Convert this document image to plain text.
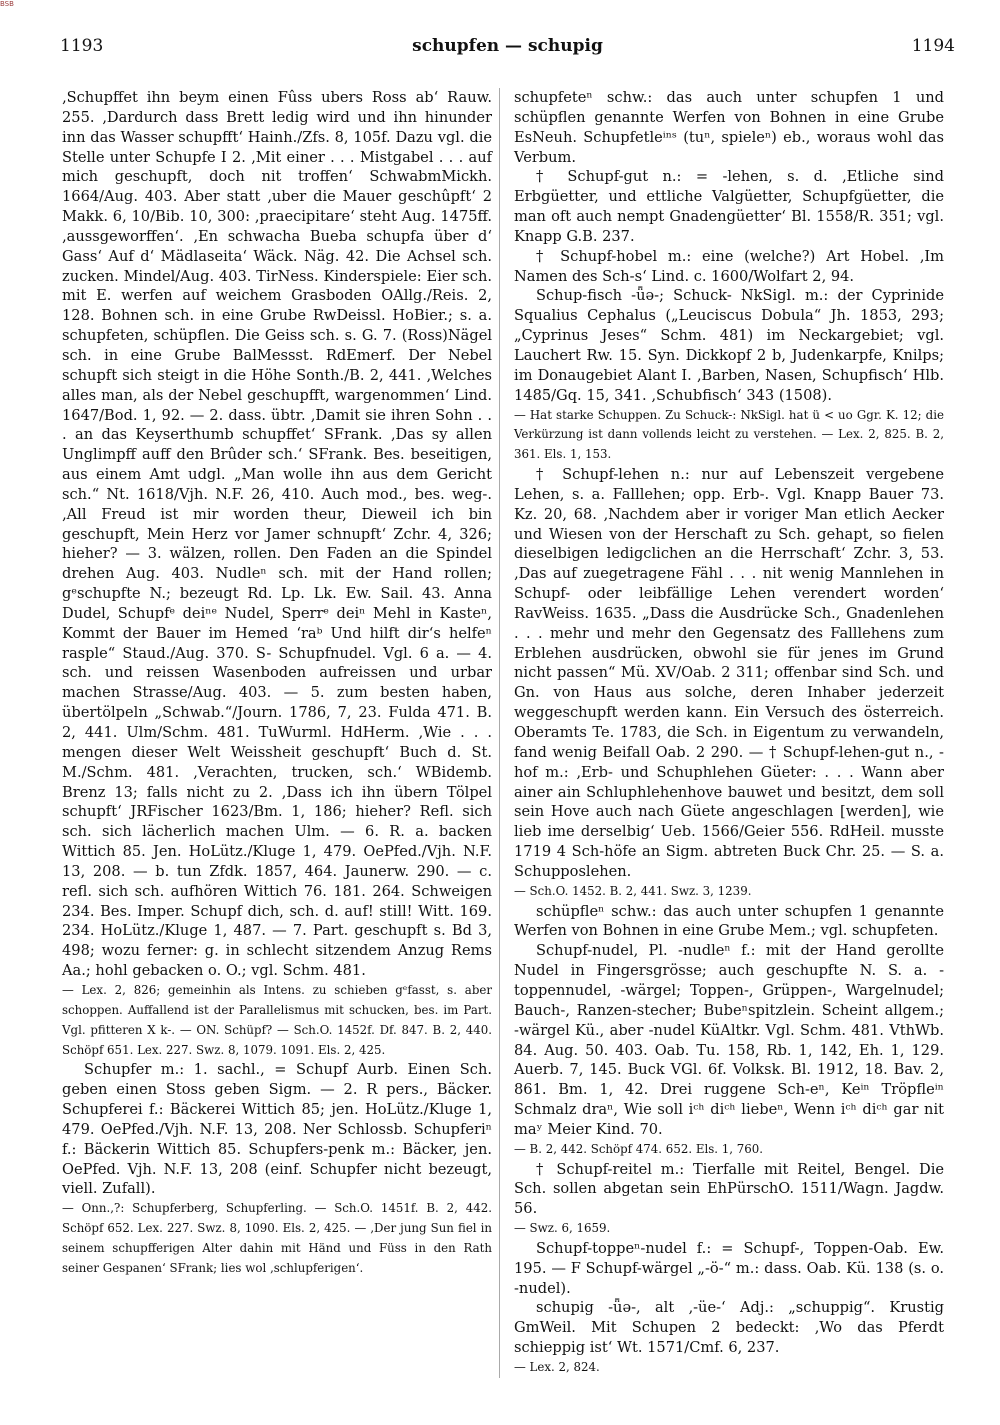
BSB
1193	schupfen — schupig	1194

‚Schupffet ihn beym einen Fûss ubers Ross ab‘ Rauw. 255. ‚Dardurch dass Brett ledig wird und ihn hinunder inn das Wasser schupfft‘ Hainh./Zfs. 8, 105f. Dazu vgl. die Stelle unter Schupfe I 2. ‚Mit einer . . . Mistgabel . . . auf mich geschupft, doch nit troffen‘ SchwabmMickh. 1664/Aug. 403. Aber statt ‚uber die Mauer geschûpft‘ 2 Makk. 6, 10/Bib. 10, 300: ‚praecipitare‘ steht Aug. 1475ff. ‚aussgeworffen‘. ‚En schwacha Bueba schupfa über d‘ Gass‘ Auf d‘ Mädlaseita‘ Wäck. Näg. 42. Die Achsel sch. zucken. Mindel/Aug. 403. TirNess. Kinderspiele: Eier sch. mit E. werfen auf weichem Grasboden OAllg./Reis. 2, 128. Bohnen sch. in eine Grube RwDeissl. HoBier.; s. a. schupfeten, schüpflen. Die Geiss sch. s. G. 7. (Ross)Nägel sch. in eine Grube BalMessst. RdEmerf. Der Nebel schupft sich steigt in die Höhe Sonth./B. 2, 441. ‚Welches alles man, als der Nebel geschupfft, wargenommen‘ Lind. 1647/Bod. 1, 92. — 2. dass. übtr. ‚Damit sie ihren Sohn . . . an das Keyserthumb schupffet‘ SFrank. ‚Das sy allen Unglimpff auff den Brûder sch.‘ SFrank. Bes. beseitigen, aus einem Amt udgl. „Man wolle ihn aus dem Gericht sch.“ Nt. 1618/Vjh. N.F. 26, 410. Auch mod., bes. weg-. ‚All Freud ist mir worden theur, Dieweil ich bin geschupft, Mein Herz vor Jamer schnupft‘ Zchr. 4, 326; hieher? — 3. wälzen, rollen. Den Faden an die Spindel drehen Aug. 403. Nudleⁿ sch. mit der Hand rollen; gᵉschupfte N.; bezeugt Rd. Lp. Lk. Ew. Sail. 43. Anna Dudel, Schupfᵉ deiⁿᵉ Nudel, Sperrᵉ deiⁿ Mehl in Kasteⁿ, Kommt der Bauer im Hemed ‘raᵇ Und hilft dir‘s helfeⁿ rasple“ Staud./Aug. 370. S- Schupfnudel. Vgl. 6 a. — 4. sch. und reissen Wasenboden aufreissen und urbar machen Strasse/Aug. 403. — 5. zum besten haben, übertölpeln „Schwab.“/Journ. 1786, 7, 23. Fulda 471. B. 2, 441. Ulm/Schm. 481. TuWurml. HdHerm. ‚Wie . . . mengen dieser Welt Weissheit geschupft‘ Buch d. St. M./Schm. 481. ‚Verachten, trucken, sch.‘ WBidemb. Brenz 13; falls nicht zu 2. ‚Dass ich ihn übern Tölpel schupft‘ JRFischer 1623/Bm. 1, 186; hieher? Refl. sich sch. sich lächerlich machen Ulm. — 6. R. a. backen Wittich 85. Jen. HoLütz./Kluge 1, 479. OePfed./Vjh. N.F. 13, 208. — b. tun Zfdk. 1857, 464. Jaunerw. 290. — c. refl. sich sch. aufhören Wittich 76. 181. 264. Schweigen 234. Bes. Imper. Schupf dich, sch. d. auf! still! Witt. 169. 234. HoLütz./Kluge 1, 487. — 7. Part. geschupft s. Bd 3, 498; wozu ferner: g. in schlecht sitzendem Anzug Rems Aa.; hohl gebacken o. O.; vgl. Schm. 481.

— Lex. 2, 826; gemeinhin als Intens. zu schieben gᵉfasst, s. aber schoppen. Auffallend ist der Parallelismus mit schucken, bes. im Part. Vgl. pfitteren X k-. — ON. Schüpf? — Sch.O. 1452f. Df. 847. B. 2, 440. Schöpf 651. Lex. 227. Swz. 8, 1079. 1091. Els. 2, 425.

Schupfer m.: 1. sachl., = Schupf Aurb. Einen Sch. geben einen Stoss geben Sigm. — 2. R pers., Bäcker. Schupferei f.: Bäckerei Wittich 85; jen. HoLütz./Kluge 1, 479. OePfed./Vjh. N.F. 13, 208. Ner Schlossb. Schupferiⁿ f.: Bäckerin Wittich 85. Schupfers-penk m.: Bäcker, jen. OePfed. Vjh. N.F. 13, 208 (einf. Schupfer nicht bezeugt, viell. Zufall).

— Onn.,?: Schupferberg, Schupferling. — Sch.O. 1451f. B. 2, 442. Schöpf 652. Lex. 227. Swz. 8, 1090. Els. 2, 425. — ‚Der jung Sun fiel in seinem schupfferigen Alter dahin mit Händ und Füss in den Rath seiner Gespanen‘ SFrank; lies wol ‚schlupferigen‘.

schupfeteⁿ schw.: das auch unter schupfen 1 und schüpflen genannte Werfen von Bohnen in eine Grube EsNeuh. Schupfetleⁱⁿˢ (tuⁿ, spieleⁿ) eb., woraus wohl das Verbum.

† Schupf-gut n.: = -lehen, s. d. ‚Etliche sind Erbgüetter, und ettliche Valgüetter, Schupfgüetter, die man oft auch nempt Gnadengüetter‘ Bl. 1558/R. 351; vgl. Knapp G.B. 237.

† Schupf-hobel m.: eine (welche?) Art Hobel. ‚Im Namen des Sch-s‘ Lind. c. 1600/Wolfart 2, 94.

Schup-fisch -ǖə-; Schuck- NkSigl. m.: der Cyprinide Squalius Cephalus („Leuciscus Dobula“ Jh. 1853, 293; „Cyprinus Jeses“ Schm. 481) im Neckargebiet; vgl. Lauchert Rw. 15. Syn. Dickkopf 2 b, Judenkarpfe, Knilps; im Donaugebiet Alant I. ‚Barben, Nasen, Schupfisch‘ Hlb. 1485/Gq. 15, 341. ‚Schubfisch‘ 343 (1508).

— Hat starke Schuppen. Zu Schuck-: NkSigl. hat ü < uo Ggr. K. 12; die Verkürzung ist dann vollends leicht zu verstehen. — Lex. 2, 825. B. 2, 361. Els. 1, 153.

† Schupf-lehen n.: nur auf Lebenszeit vergebene Lehen, s. a. Falllehen; opp. Erb-. Vgl. Knapp Bauer 73. Kz. 20, 68. ‚Nachdem aber ir voriger Man etlich Aecker und Wiesen von der Herschaft zu Sch. gehapt, so fielen dieselbigen ledigclichen an die Herrschaft‘ Zchr. 3, 53. ‚Das auf zuegetragene Fähl . . . nit wenig Mannlehen in Schupf- oder leibfällige Lehen verendert worden‘ RavWeiss. 1635. „Dass die Ausdrücke Sch., Gnadenlehen . . . mehr und mehr den Gegensatz des Falllehens zum Erblehen ausdrücken, obwohl sie für jenes im Grund nicht passen“ Mü. XV/Oab. 2 311; offenbar sind Sch. und Gn. von Haus aus solche, deren Inhaber jederzeit weggeschupft werden kann. Ein Versuch des österreich. Oberamts Te. 1783, die Sch. in Eigentum zu verwandeln, fand wenig Beifall Oab. 2 290. — † Schupf-lehen-gut n., -hof m.: ‚Erb- und Schuphlehen Güeter: . . . Wann aber ainer ain Schluphlehenhove bauwet und besitzt, dem soll sein Hove auch nach Güete angeschlagen [werden], wie lieb ime derselbig‘ Ueb. 1566/Geier 556. RdHeil. musste 1719 4 Sch-höfe an Sigm. abtreten Buck Chr. 25. — S. a. Schupposlehen.

— Sch.O. 1452. B. 2, 441. Swz. 3, 1239.

schüpfleⁿ schw.: das auch unter schupfen 1 genannte Werfen von Bohnen in eine Grube Mem.; vgl. schupfeten.

Schupf-nudel, Pl. -nudleⁿ f.: mit der Hand gerollte Nudel in Fingersgrösse; auch geschupfte N. S. a. -toppennudel, -wärgel; Toppen-, Grüppen-, Wargelnudel; Bauch-, Ranzen-stecher; Bubeⁿspitzlein. Scheint allgem.; -wärgel Kü., aber -nudel KüAltkr. Vgl. Schm. 481. VthWb. 84. Aug. 50. 403. Oab. Tu. 158, Rb. 1, 142, Eh. 1, 129. Auerb. 7, 145. Buck VGl. 6f. Volksk. Bl. 1912, 18. Bav. 2, 861. Bm. 1, 42. Drei ruggene Sch-eⁿ, Keⁱⁿ Tröpfleⁱⁿ Schmalz draⁿ, Wie soll iᶜʰ diᶜʰ liebeⁿ, Wenn iᶜʰ diᶜʰ gar nit maʸ Meier Kind. 70.

— B. 2, 442. Schöpf 474. 652. Els. 1, 760.

† Schupf-reitel m.: Tierfalle mit Reitel, Bengel. Die Sch. sollen abgetan sein EhPürschO. 1511/Wagn. Jagdw. 56.

— Swz. 6, 1659.

Schupf-toppeⁿ-nudel f.: = Schupf-, Toppen-Oab. Ew. 195. — F Schupf-wärgel „-ö-“ m.: dass. Oab. Kü. 138 (s. o. -nudel).

schupig -ǖə-, alt ‚-üe-‘ Adj.: „schuppig“. Krustig GmWeil. Mit Schupen 2 bedeckt: ‚Wo das Pferdt schieppig ist‘ Wt. 1571/Cmf. 6, 237.

— Lex. 2, 824.
